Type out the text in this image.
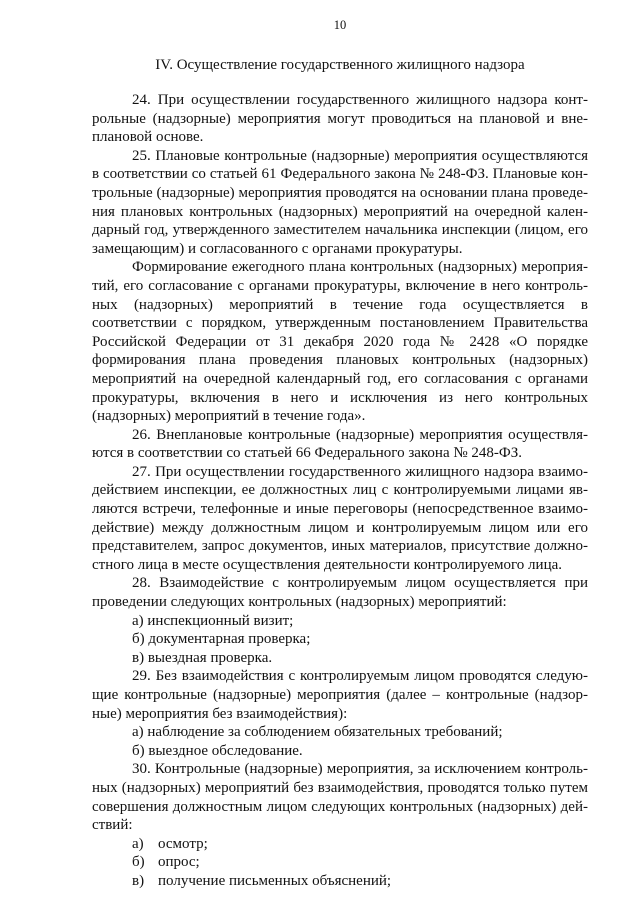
10
IV. Осуществление государственного жилищного надзора

24. При осуществлении государственного жилищного надзора контрольные (надзорные) мероприятия могут проводиться на плановой и внеплановой основе.

25. Плановые контрольные (надзорные) мероприятия осуществляются в соответствии со статьей 61 Федерального закона № 248-ФЗ. Плановые контрольные (надзорные) мероприятия проводятся на основании плана проведения плановых контрольных (надзорных) мероприятий на очередной календарный год, утвержденного заместителем начальника инспекции (лицом, его замещающим) и согласованного с органами прокуратуры.

Формирование ежегодного плана контрольных (надзорных) мероприятий, его согласование с органами прокуратуры, включение в него контрольных (надзорных) мероприятий в течение года осуществляется в соответствии с порядком, утвержденным постановлением Правительства Российской Федерации от 31 декабря 2020 года № 2428 «О порядке формирования плана проведения плановых контрольных (надзорных) мероприятий на очередной календарный год, его согласования с органами прокуратуры, включения в него и исключения из него контрольных (надзорных) мероприятий в течение года».

26. Внеплановые контрольные (надзорные) мероприятия осуществляются в соответствии со статьей 66 Федерального закона № 248-ФЗ.

27. При осуществлении государственного жилищного надзора взаимодействием инспекции, ее должностных лиц с контролируемыми лицами являются встречи, телефонные и иные переговоры (непосредственное взаимодействие) между должностным лицом и контролируемым лицом или его представителем, запрос документов, иных материалов, присутствие должностного лица в месте осуществления деятельности контролируемого лица.

28. Взаимодействие с контролируемым лицом осуществляется при проведении следующих контрольных (надзорных) мероприятий:

а) инспекционный визит;

б) документарная проверка;

в) выездная проверка.

29. Без взаимодействия с контролируемым лицом проводятся следующие контрольные (надзорные) мероприятия (далее – контрольные (надзорные) мероприятия без взаимодействия):

а) наблюдение за соблюдением обязательных требований;

б) выездное обследование.

30. Контрольные (надзорные) мероприятия, за исключением контрольных (надзорных) мероприятий без взаимодействия, проводятся только путем совершения должностным лицом следующих контрольных (надзорных) действий:

а) осмотр;

б) опрос;

в) получение письменных объяснений;
